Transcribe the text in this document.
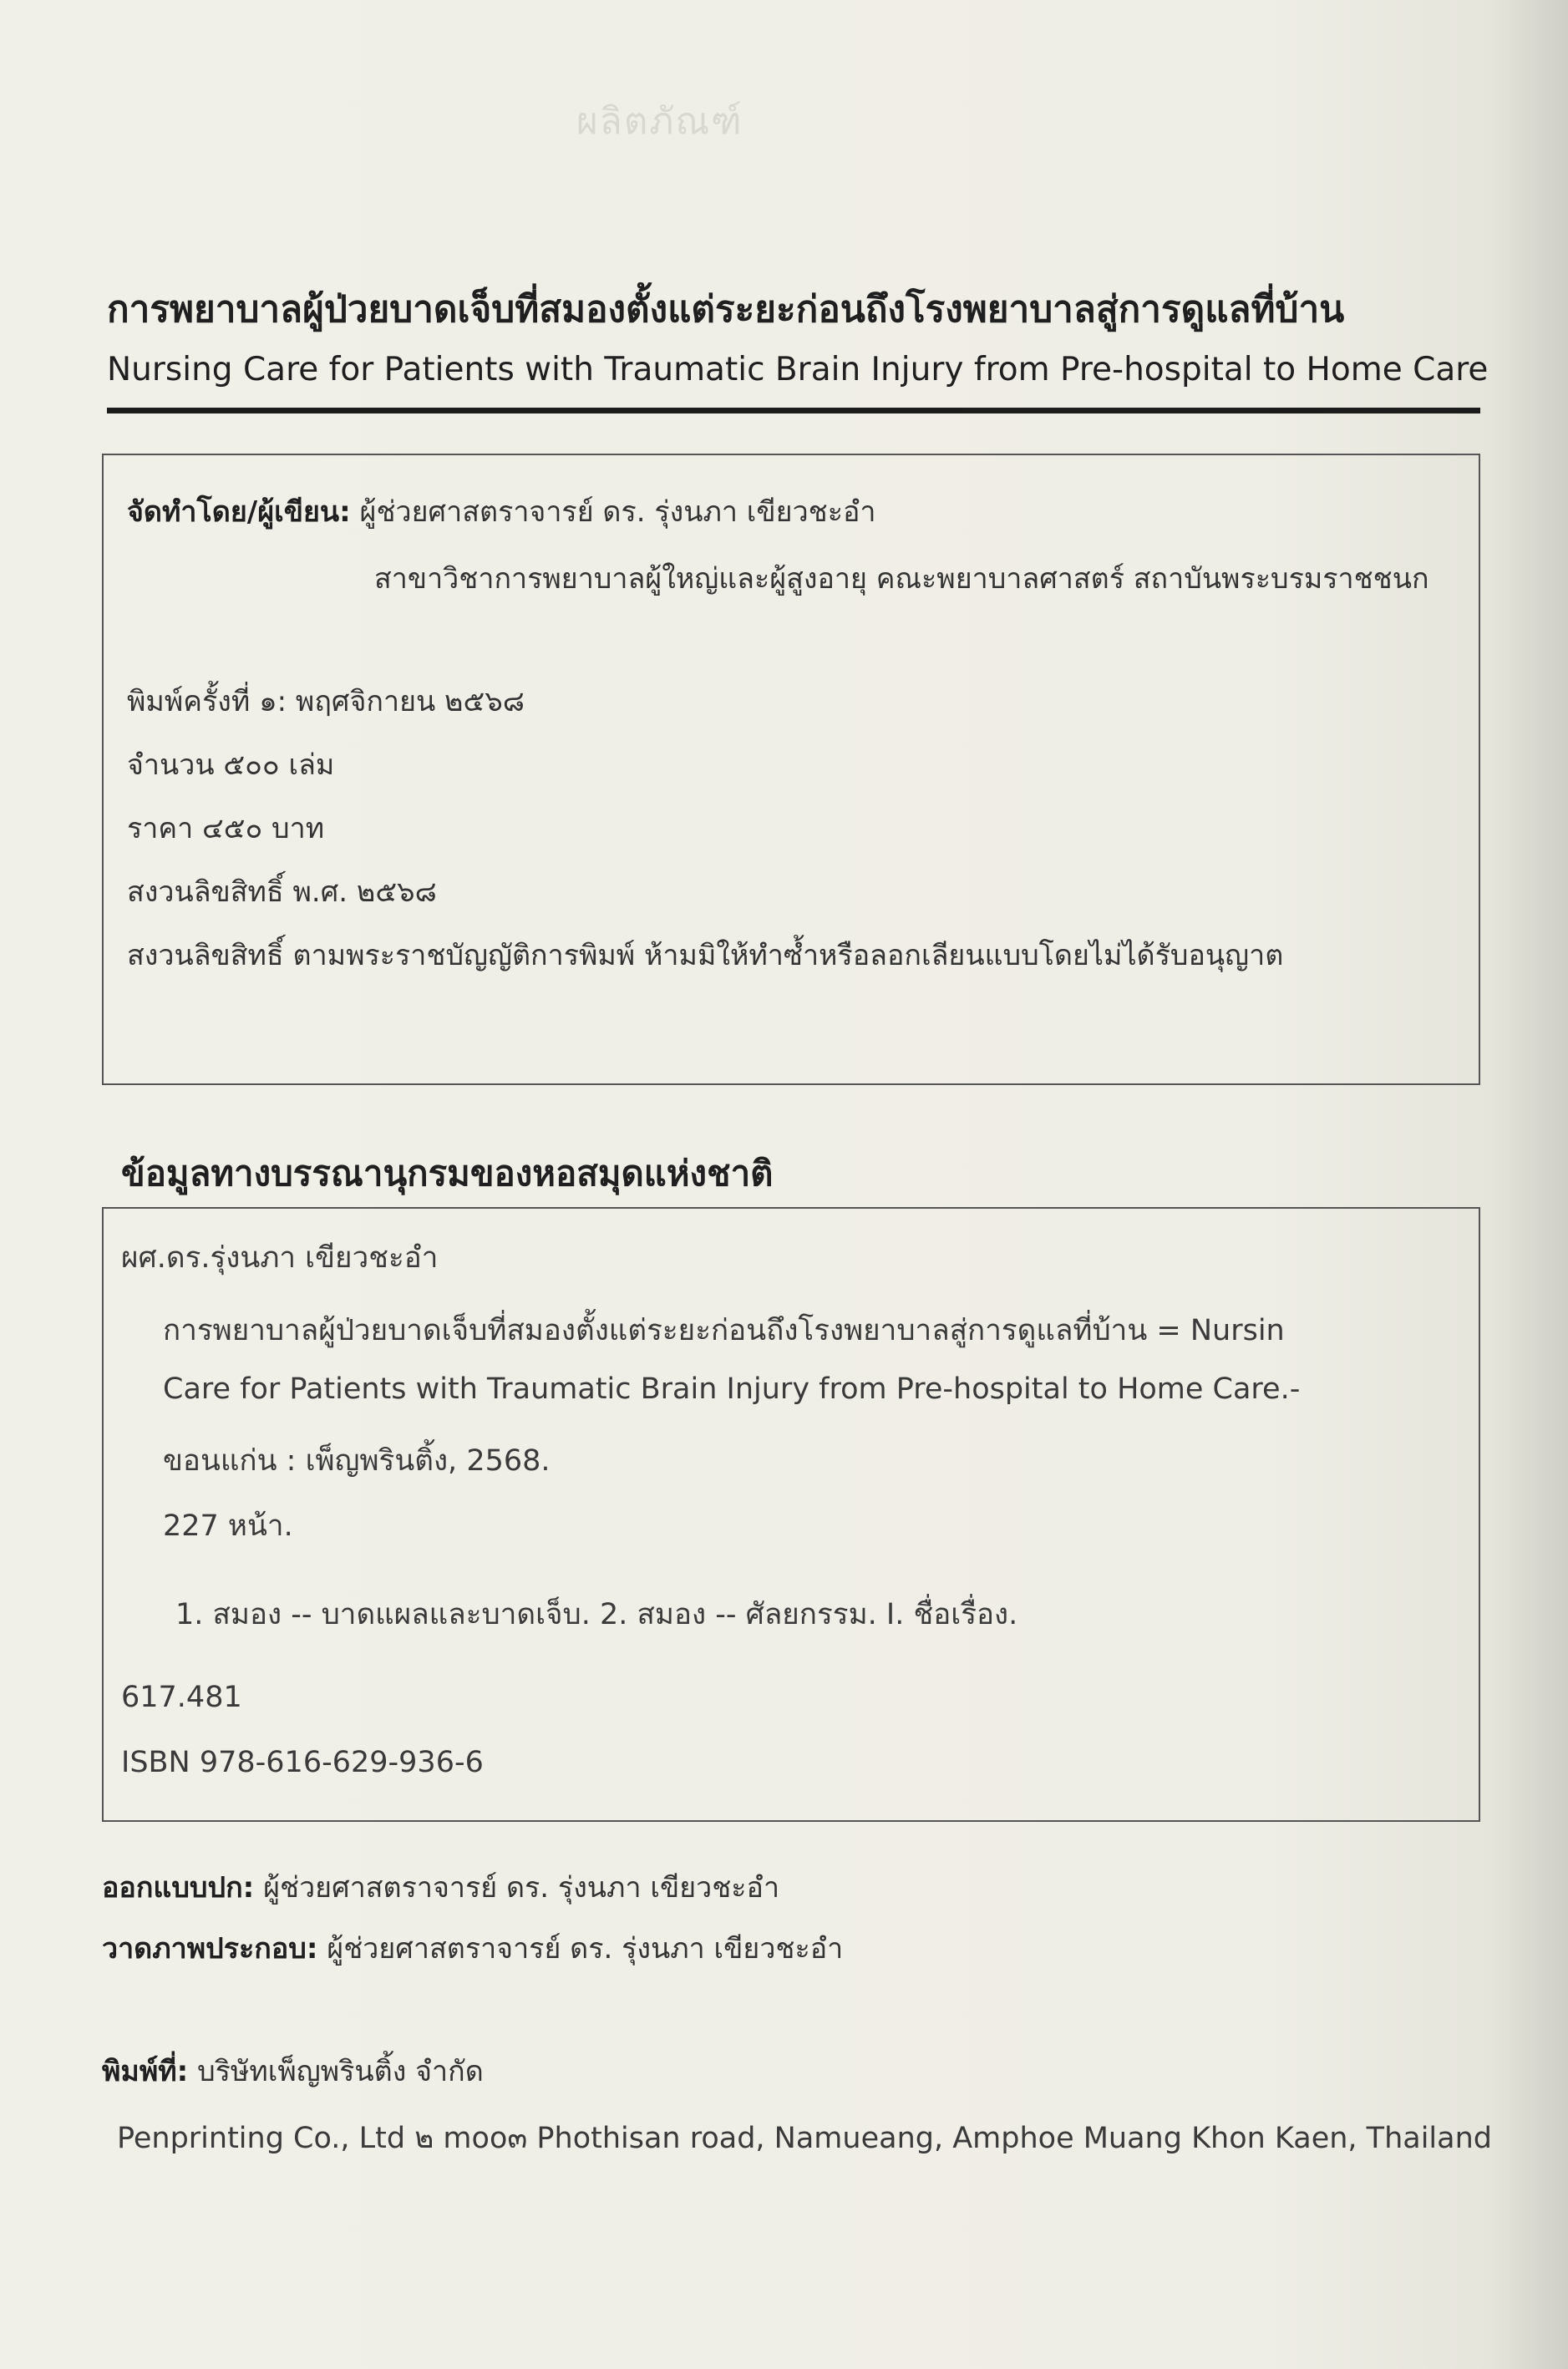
ผลิตภัณฑ์
การพยาบาลผู้ป่วยบาดเจ็บที่สมองตั้งแต่ระยะก่อนถึงโรงพยาบาลสู่การดูแลที่บ้าน
Nursing Care for Patients with Traumatic Brain Injury from Pre-hospital to Home Care
จัดทำโดย/ผู้เขียน: ผู้ช่วยศาสตราจารย์ ดร. รุ่งนภา เขียวชะอำ
สาขาวิชาการพยาบาลผู้ใหญ่และผู้สูงอายุ คณะพยาบาลศาสตร์ สถาบันพระบรมราชชนก
พิมพ์ครั้งที่ ๑: พฤศจิกายน ๒๕๖๘
จำนวน ๕๐๐ เล่ม
ราคา ๔๕๐ บาท
สงวนลิขสิทธิ์ พ.ศ. ๒๕๖๘
สงวนลิขสิทธิ์ ตามพระราชบัญญัติการพิมพ์ ห้ามมิให้ทำซ้ำหรือลอกเลียนแบบโดยไม่ได้รับอนุญาต
ข้อมูลทางบรรณานุกรมของหอสมุดแห่งชาติ
ผศ.ดร.รุ่งนภา เขียวชะอำ
การพยาบาลผู้ป่วยบาดเจ็บที่สมองตั้งแต่ระยะก่อนถึงโรงพยาบาลสู่การดูแลที่บ้าน = Nursin
Care for Patients with Traumatic Brain Injury from Pre-hospital to Home Care.-
ขอนแก่น : เพ็ญพรินติ้ง, 2568.
227 หน้า.
1. สมอง -- บาดแผลและบาดเจ็บ. 2. สมอง -- ศัลยกรรม. I. ชื่อเรื่อง.
617.481
ISBN 978-616-629-936-6
ออกแบบปก: ผู้ช่วยศาสตราจารย์ ดร. รุ่งนภา เขียวชะอำ
วาดภาพประกอบ: ผู้ช่วยศาสตราจารย์ ดร. รุ่งนภา เขียวชะอำ
พิมพ์ที่: บริษัทเพ็ญพรินติ้ง จำกัด
Penprinting Co., Ltd ๒ moo๓ Phothisan road, Namueang, Amphoe Muang Khon Kaen, Thailand
